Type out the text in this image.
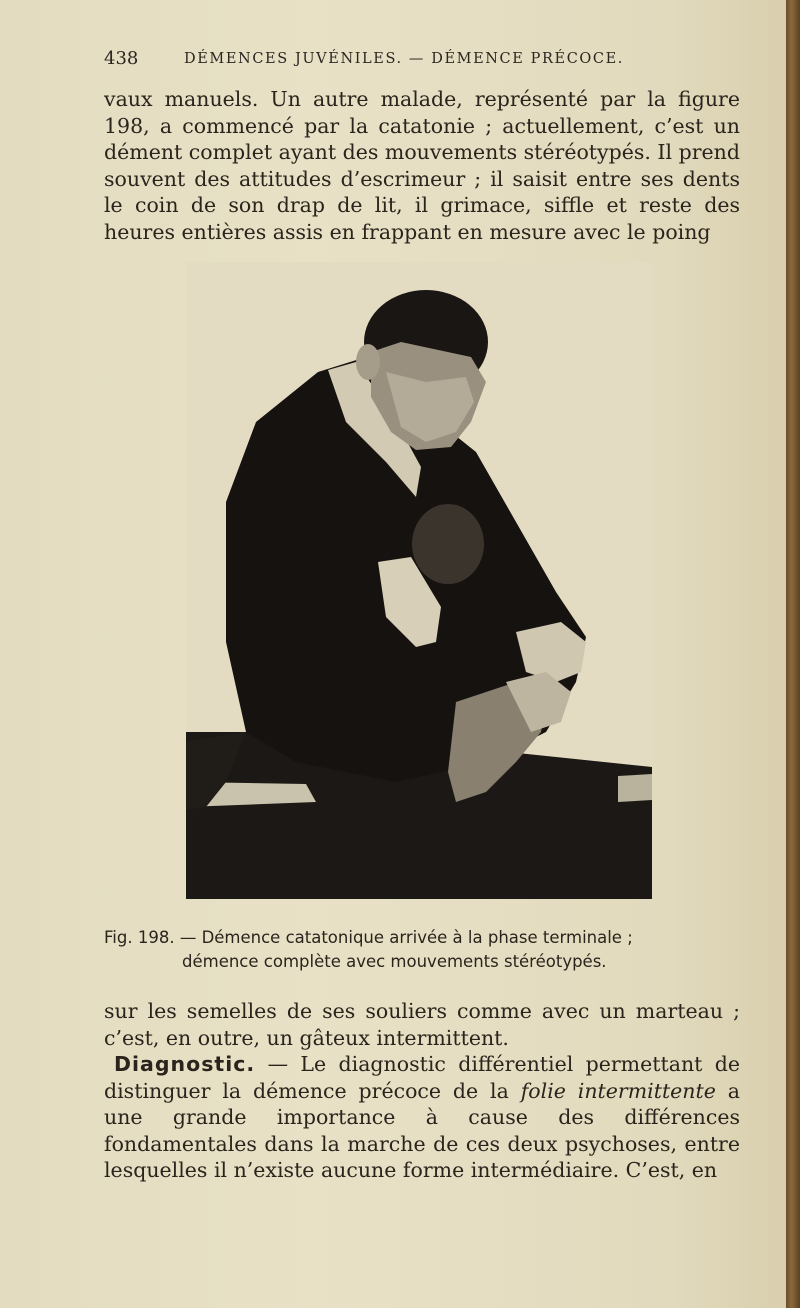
438	DÉMENCES JUVÉNILES. — DÉMENCE PRÉCOCE.

vaux manuels. Un autre malade, représenté par la figure 198, a commencé par la catatonie ; actuellement, c’est un dément complet ayant des mouvements stéréotypés. Il prend souvent des attitudes d’escrimeur ; il saisit entre ses dents le coin de son drap de lit, il grimace, siffle et reste des heures entières assis en frappant en mesure avec le poing

Fig. 198. — Démence catatonique arrivée à la phase terminale ;
démence complète avec mouvements stéréotypés.

sur les semelles de ses souliers comme avec un marteau ; c’est, en outre, un gâteux intermittent.

Diagnostic. — Le diagnostic différentiel permettant de distinguer la démence précoce de la folie intermittente a une grande importance à cause des différences fondamentales dans la marche de ces deux psychoses, entre lesquelles il n’existe aucune forme intermédiaire. C’est, en
